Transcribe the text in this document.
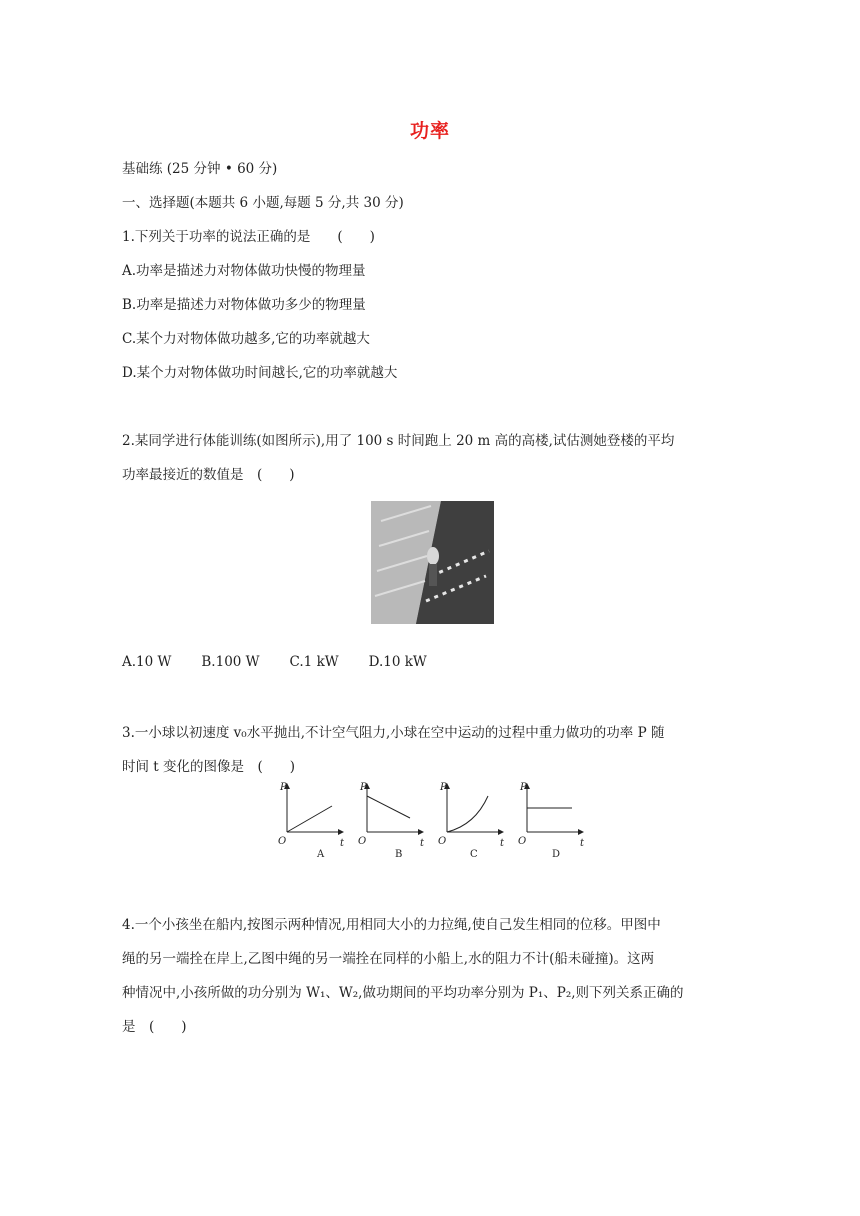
功率
基础练 (25 分钟 • 60 分)
一、选择题(本题共 6 小题,每题 5 分,共 30 分)
1.下列关于功率的说法正确的是　　(　　)
A.功率是描述力对物体做功快慢的物理量
B.功率是描述力对物体做功多少的物理量
C.某个力对物体做功越多,它的功率就越大
D.某个力对物体做功时间越长,它的功率就越大
2.某同学进行体能训练(如图所示),用了 100 s 时间跑上 20 m 高的高楼,试估测她登楼的平均
功率最接近的数值是　(　　)
A.10 W B.100 W C.1 kW D.10 kW
3.一小球以初速度 v₀水平抛出,不计空气阻力,小球在空中运动的过程中重力做功的功率 P 随
时间 t 变化的图像是　(　　)
P
O	t
A
P
O	t
B
P
O	t
C
P
O	t
D
4.一个小孩坐在船内,按图示两种情况,用相同大小的力拉绳,使自己发生相同的位移。甲图中
绳的另一端拴在岸上,乙图中绳的另一端拴在同样的小船上,水的阻力不计(船未碰撞)。这两
种情况中,小孩所做的功分别为 W₁、W₂,做功期间的平均功率分别为 P₁、P₂,则下列关系正确的
是　(　　)
